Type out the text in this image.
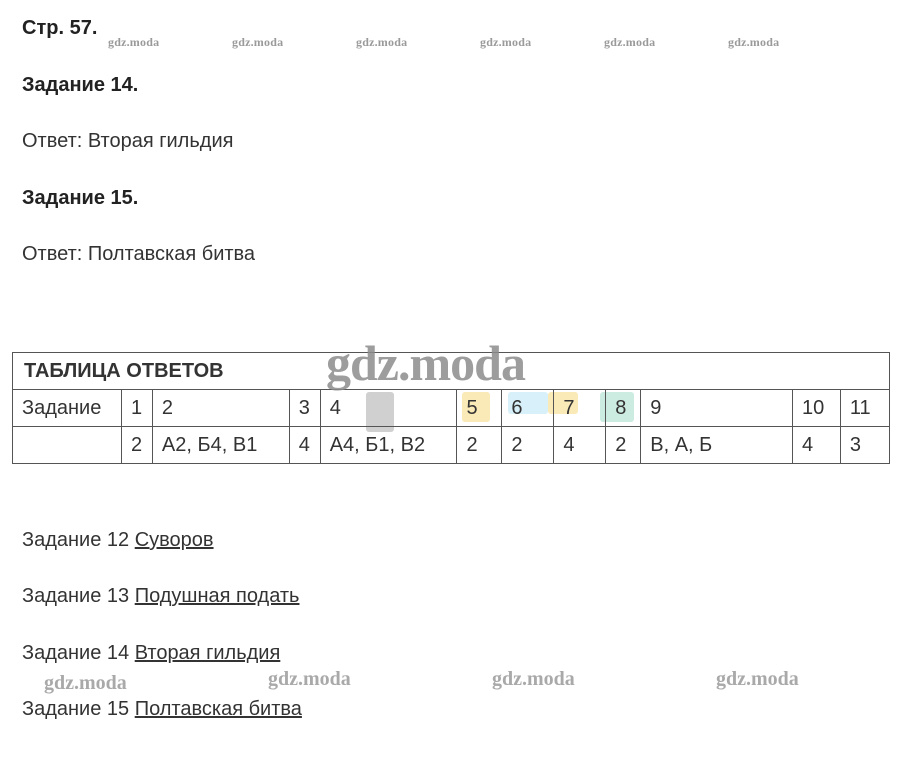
Стр. 57.
gdz.moda	gdz.moda	gdz.moda	gdz.moda	gdz.moda	gdz.moda
Задание 14.
Ответ: Вторая гильдия
Задание 15.
Ответ: Полтавская битва
ТАБЛИЦА ОТВЕТОВ											
Задание	1	2	3	4	5	6	7	8	9	10	11
	2	А2, Б4, В1	4	А4, Б1, В2	2	2	4	2	В, А, Б	4	3
gdz.moda
Задание 12 Суворов
Задание 13 Подушная подать
Задание 14 Вторая гильдия
gdz.moda	gdz.moda	gdz.moda	gdz.moda
Задание 15 Полтавская битва
